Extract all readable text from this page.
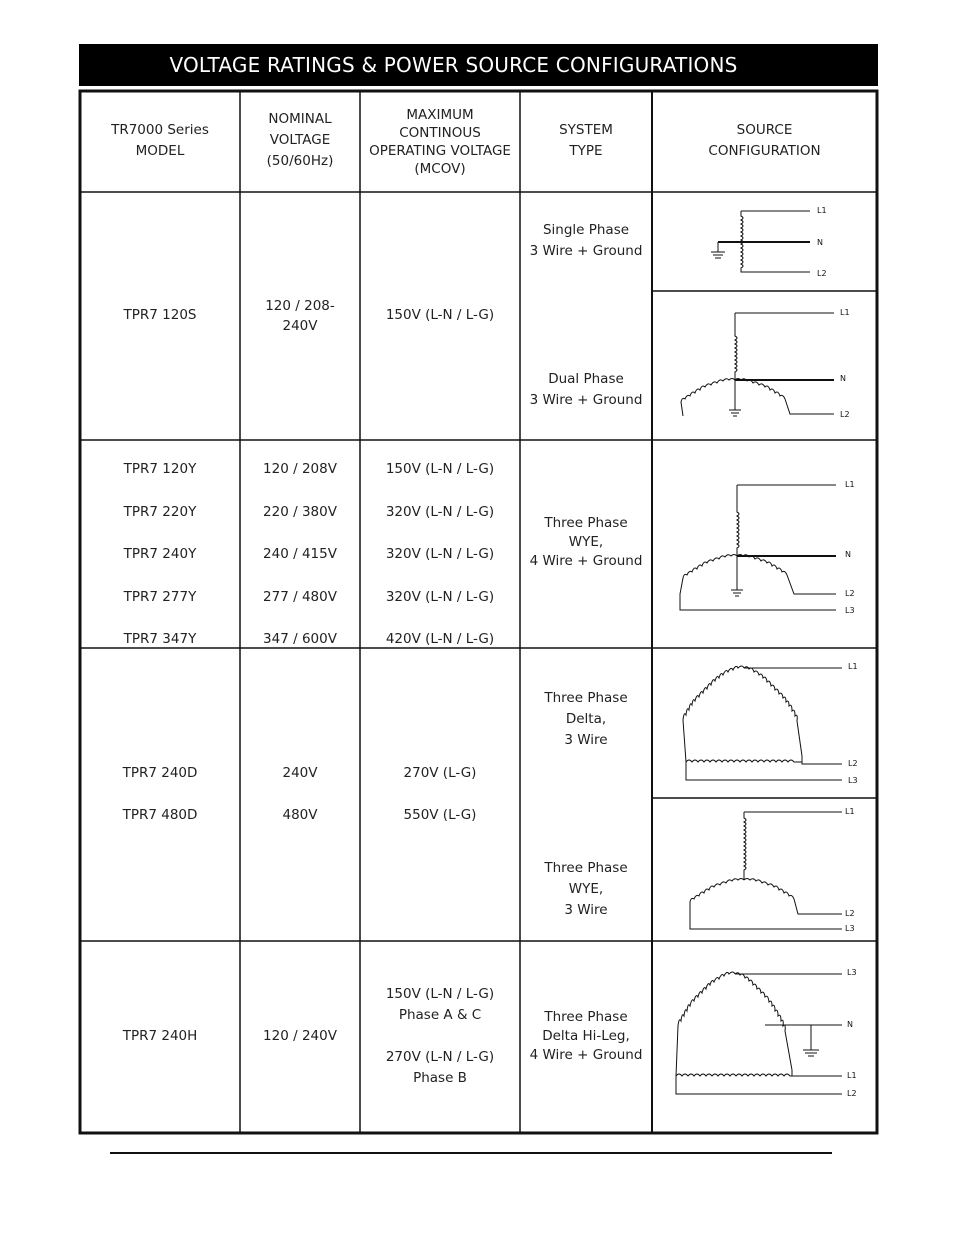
VOLTAGE RATINGS & POWER SOURCE CONFIGURATIONS
L1
N
L2
L1
N
L2
L1
N
L2
L3
L1
L2
L3
L1
L2
L3
L3
N
L1
L2
TR7000 Series
MODEL
NOMINAL
VOLTAGE
(50/60Hz)
MAXIMUM
CONTINOUS
OPERATING VOLTAGE
(MCOV)
SYSTEM
TYPE
SOURCE
CONFIGURATION
TPR7 120S
120 / 208-
240V
150V (L-N / L-G)
Single Phase
3 Wire + Ground
Dual Phase
3 Wire + Ground
TPR7 120Y
TPR7 220Y
TPR7 240Y
TPR7 277Y
TPR7 347Y
120 / 208V
220 / 380V
240 / 415V
277 / 480V
347 / 600V
150V (L-N / L-G)
320V (L-N / L-G)
320V (L-N / L-G)
320V (L-N / L-G)
420V (L-N / L-G)
Three Phase
WYE,
4 Wire + Ground
TPR7 240D
TPR7 480D
240V
480V
270V (L-G)
550V (L-G)
Three Phase
Delta,
3 Wire
Three Phase
WYE,
3 Wire
TPR7 240H	120 / 240V
150V (L-N / L-G)
Phase A & C
270V (L-N / L-G)
Phase B
Three Phase
Delta Hi-Leg,
4 Wire + Ground
